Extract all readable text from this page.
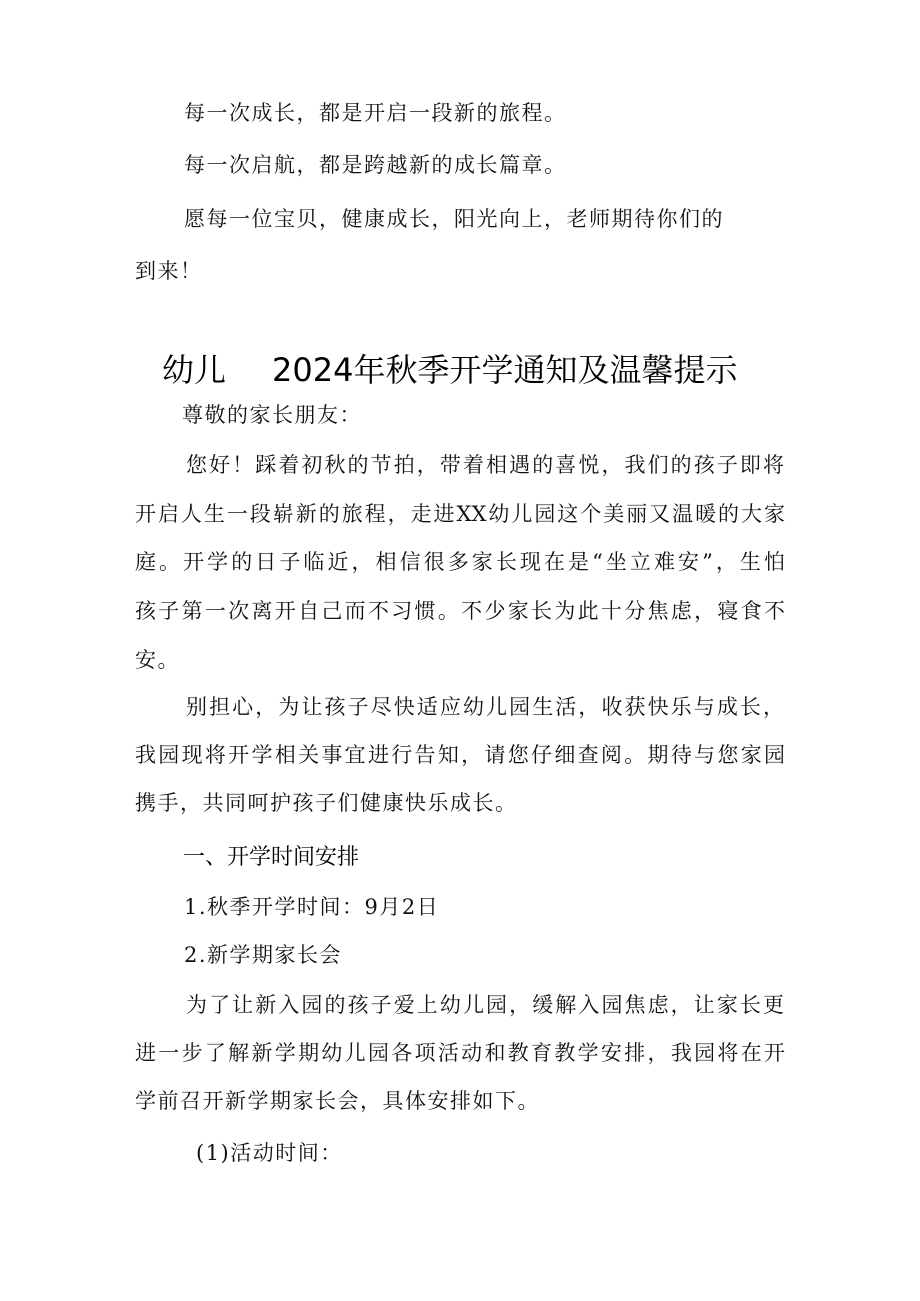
每一次成长，都是开启一段新的旅程。
每一次启航，都是跨越新的成长篇章。
愿每一位宝贝，健康成长，阳光向上，老师期待你们的
到来！
幼儿 2024年秋季开学通知及温馨提示
尊敬的家长朋友：
您好！踩着初秋的节拍，带着相遇的喜悦，我们的孩子即将
开启人生一段崭新的旅程，走进XX幼儿园这个美丽又温暖的大家
庭。开学的日子临近，相信很多家长现在是“坐立难安”，生怕
孩子第一次离开自己而不习惯。不少家长为此十分焦虑，寝食不
安。
别担心，为让孩子尽快适应幼儿园生活，收获快乐与成长，
我园现将开学相关事宜进行告知，请您仔细查阅。期待与您家园
携手，共同呵护孩子们健康快乐成长。
一、开学时间安排
1.秋季开学时间：9月2日
2.新学期家长会
为了让新入园的孩子爱上幼儿园，缓解入园焦虑，让家长更
进一步了解新学期幼儿园各项活动和教育教学安排，我园将在开
学前召开新学期家长会，具体安排如下。
(1)活动时间：
